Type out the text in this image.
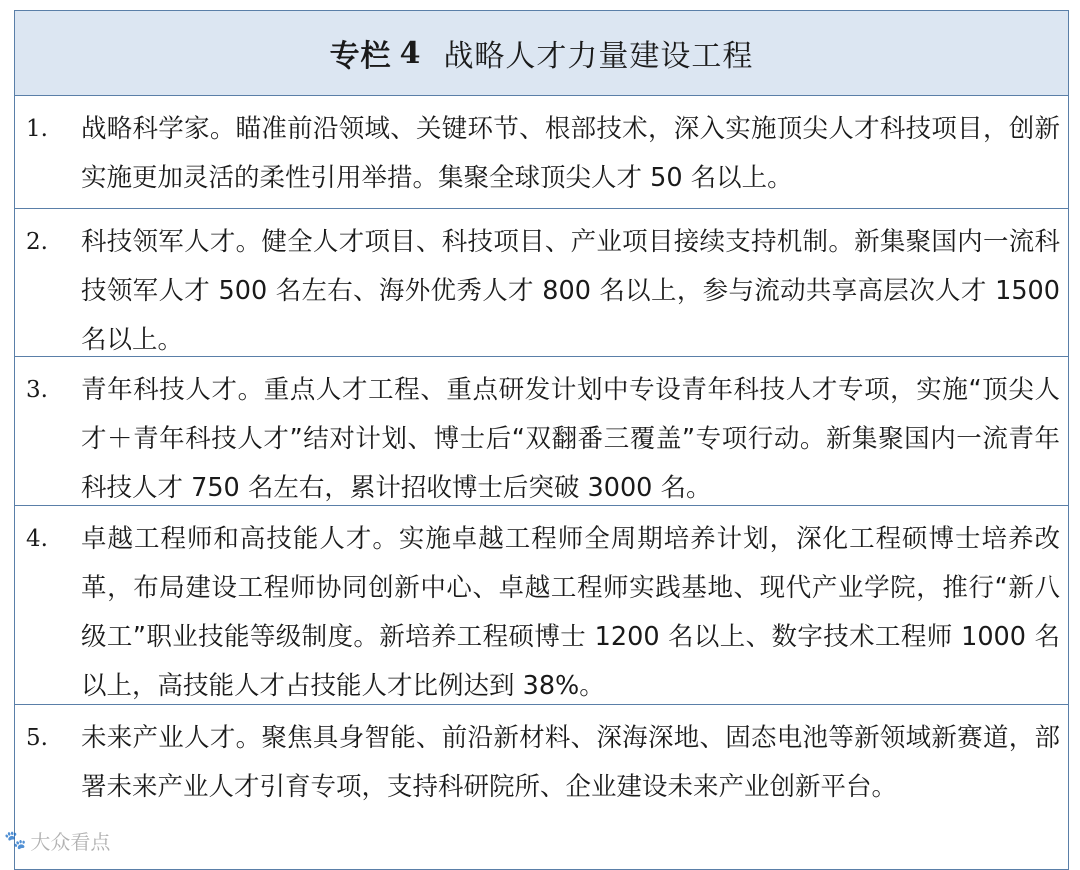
专栏 4 战略人才力量建设工程
1. 战略科学家。瞄准前沿领域、关键环节、根部技术，深入实施顶尖人才科技项目，创新实施更加灵活的柔性引用举措。集聚全球顶尖人才 50 名以上。
2. 科技领军人才。健全人才项目、科技项目、产业项目接续支持机制。新集聚国内一流科技领军人才 500 名左右、海外优秀人才 800 名以上，参与流动共享高层次人才 1500 名以上。
3. 青年科技人才。重点人才工程、重点研发计划中专设青年科技人才专项，实施“顶尖人才＋青年科技人才”结对计划、博士后“双翻番三覆盖”专项行动。新集聚国内一流青年科技人才 750 名左右，累计招收博士后突破 3000 名。
4. 卓越工程师和高技能人才。实施卓越工程师全周期培养计划，深化工程硕博士培养改革，布局建设工程师协同创新中心、卓越工程师实践基地、现代产业学院，推行“新八级工”职业技能等级制度。新培养工程硕博士 1200 名以上、数字技术工程师 1000 名以上，高技能人才占技能人才比例达到 38%。
5. 未来产业人才。聚焦具身智能、前沿新材料、深海深地、固态电池等新领域新赛道，部署未来产业人才引育专项，支持科研院所、企业建设未来产业创新平台。
🐾 大众看点
